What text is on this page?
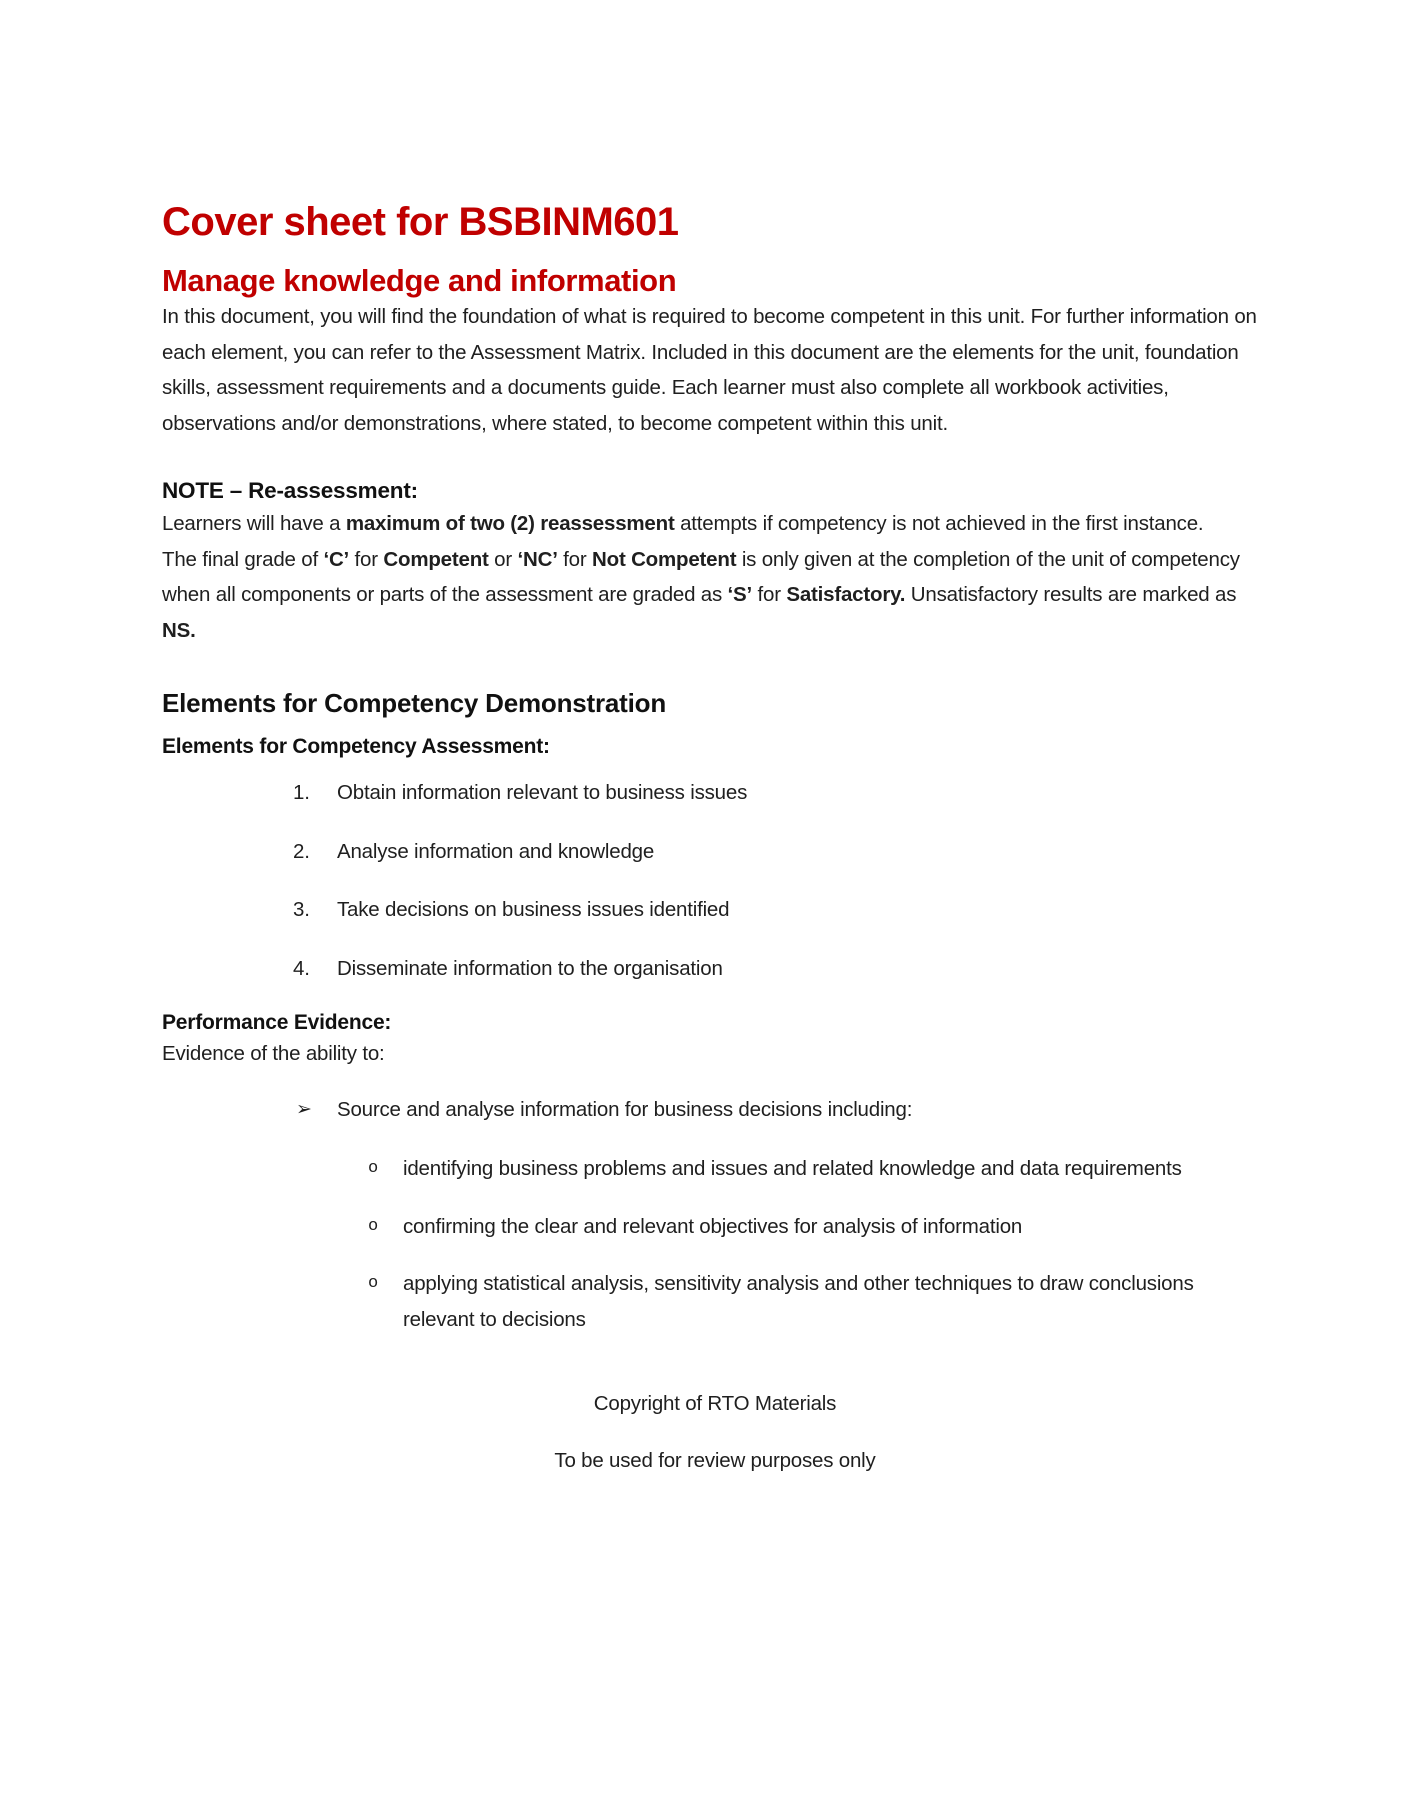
Cover sheet for BSBINM601
Manage knowledge and information

In this document, you will find the foundation of what is required to become competent in this unit. For further information on each element, you can refer to the Assessment Matrix. Included in this document are the elements for the unit, foundation skills, assessment requirements and a documents guide. Each learner must also complete all workbook activities, observations and/or demonstrations, where stated, to become competent within this unit.

NOTE – Re-assessment:

Learners will have a maximum of two (2) reassessment attempts if competency is not achieved in the first instance.

The final grade of ‘C’ for Competent or ‘NC’ for Not Competent is only given at the completion of the unit of competency when all components or parts of the assessment are graded as ‘S’ for Satisfactory. Unsatisfactory results are marked as NS.

Elements for Competency Demonstration
Elements for Competency Assessment:
1.	Obtain information relevant to business issues
2.	Analyse information and knowledge
3.	Take decisions on business issues identified
4.	Disseminate information to the organisation
Performance Evidence:

Evidence of the ability to:

➢	Source and analyse information for business decisions including:
o	identifying business problems and issues and related knowledge and data requirements
o	confirming the clear and relevant objectives for analysis of information
o	applying statistical analysis, sensitivity analysis and other techniques to draw conclusions relevant to decisions

Copyright of RTO Materials

To be used for review purposes only
